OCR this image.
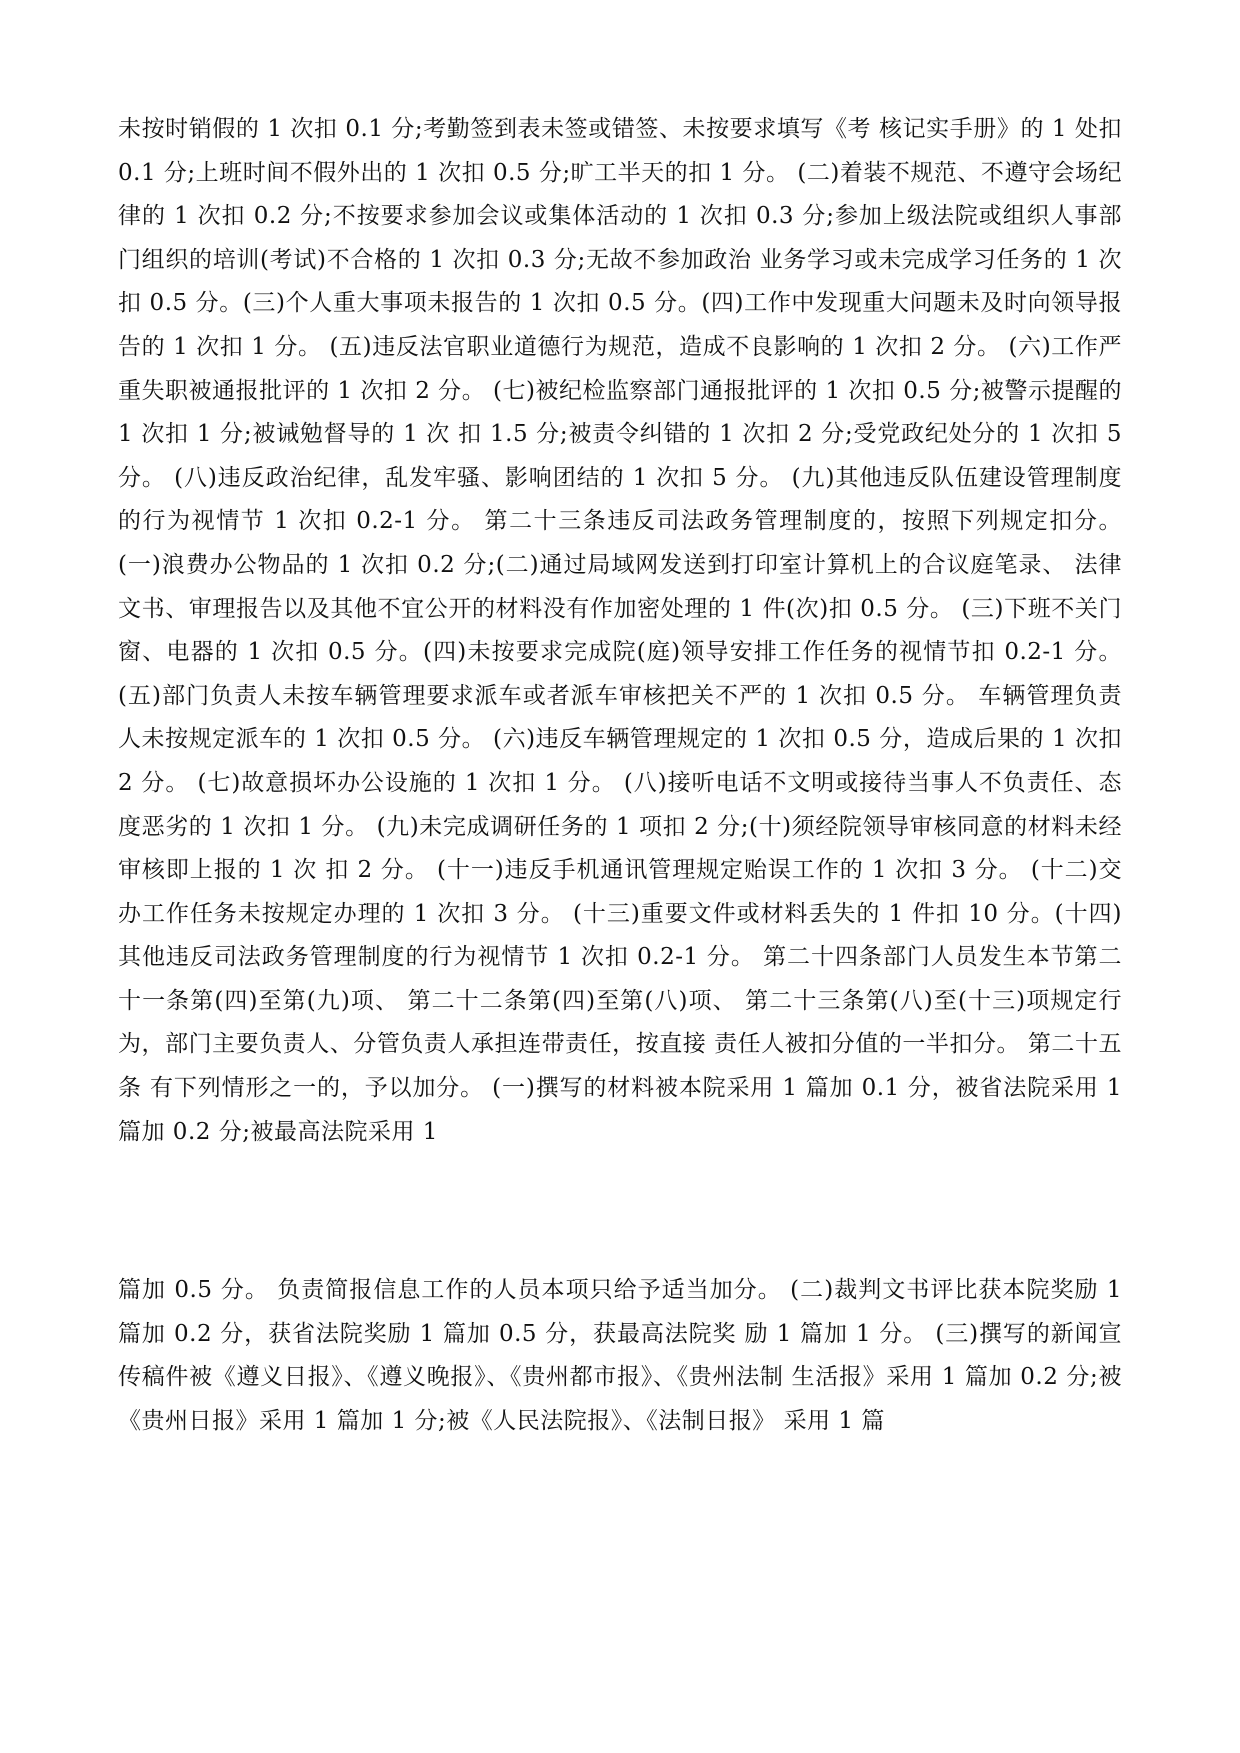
未按时销假的 1 次扣 0.1 分;考勤签到表未签或错签、未按要求填写《考 核记实手册》的 1 处扣 0.1 分;上班时间不假外出的 1 次扣 0.5 分;旷工半天的扣 1 分。 (二)着装不规范、不遵守会场纪律的 1 次扣 0.2 分;不按要求参加会议或集体活动的 1 次扣 0.3 分;参加上级法院或组织人事部门组织的培训(考试)不合格的 1 次扣 0.3 分;无故不参加政治 业务学习或未完成学习任务的 1 次扣 0.5 分。(三)个人重大事项未报告的 1 次扣 0.5 分。(四)工作中发现重大问题未及时向领导报告的 1 次扣 1 分。 (五)违反法官职业道德行为规范，造成不良影响的 1 次扣 2 分。 (六)工作严重失职被通报批评的 1 次扣 2 分。 (七)被纪检监察部门通报批评的 1 次扣 0.5 分;被警示提醒的 1 次扣 1 分;被诫勉督导的 1 次 扣 1.5 分;被责令纠错的 1 次扣 2 分;受党政纪处分的 1 次扣 5 分。 (八)违反政治纪律，乱发牢骚、影响团结的 1 次扣 5 分。 (九)其他违反队伍建设管理制度的行为视情节 1 次扣 0.2-1 分。 第二十三条违反司法政务管理制度的，按照下列规定扣分。 (一)浪费办公物品的 1 次扣 0.2 分;(二)通过局域网发送到打印室计算机上的合议庭笔录、 法律文书、审理报告以及其他不宜公开的材料没有作加密处理的 1 件(次)扣 0.5 分。 (三)下班不关门窗、电器的 1 次扣 0.5 分。(四)未按要求完成院(庭)领导安排工作任务的视情节扣 0.2-1 分。(五)部门负责人未按车辆管理要求派车或者派车审核把关不严的 1 次扣 0.5 分。 车辆管理负责人未按规定派车的 1 次扣 0.5 分。 (六)违反车辆管理规定的 1 次扣 0.5 分，造成后果的 1 次扣 2 分。 (七)故意损坏办公设施的 1 次扣 1 分。 (八)接听电话不文明或接待当事人不负责任、态度恶劣的 1 次扣 1 分。 (九)未完成调研任务的 1 项扣 2 分;(十)须经院领导审核同意的材料未经审核即上报的 1 次 扣 2 分。 (十一)违反手机通讯管理规定贻误工作的 1 次扣 3 分。 (十二)交办工作任务未按规定办理的 1 次扣 3 分。 (十三)重要文件或材料丢失的 1 件扣 10 分。(十四)其他违反司法政务管理制度的行为视情节 1 次扣 0.2-1 分。 第二十四条部门人员发生本节第二十一条第(四)至第(九)项、 第二十二条第(四)至第(八)项、 第二十三条第(八)至(十三)项规定行为，部门主要负责人、分管负责人承担连带责任，按直接 责任人被扣分值的一半扣分。 第二十五条 有下列情形之一的，予以加分。 (一)撰写的材料被本院采用 1 篇加 0.1 分，被省法院采用 1 篇加 0.2 分;被最高法院采用 1

篇加 0.5 分。 负责简报信息工作的人员本项只给予适当加分。 (二)裁判文书评比获本院奖励 1 篇加 0.2 分，获省法院奖励 1 篇加 0.5 分，获最高法院奖 励 1 篇加 1 分。 (三)撰写的新闻宣传稿件被《遵义日报》、《遵义晚报》、《贵州都市报》、《贵州法制 生活报》采用 1 篇加 0.2 分;被《贵州日报》采用 1 篇加 1 分;被《人民法院报》、《法制日报》 采用 1 篇
